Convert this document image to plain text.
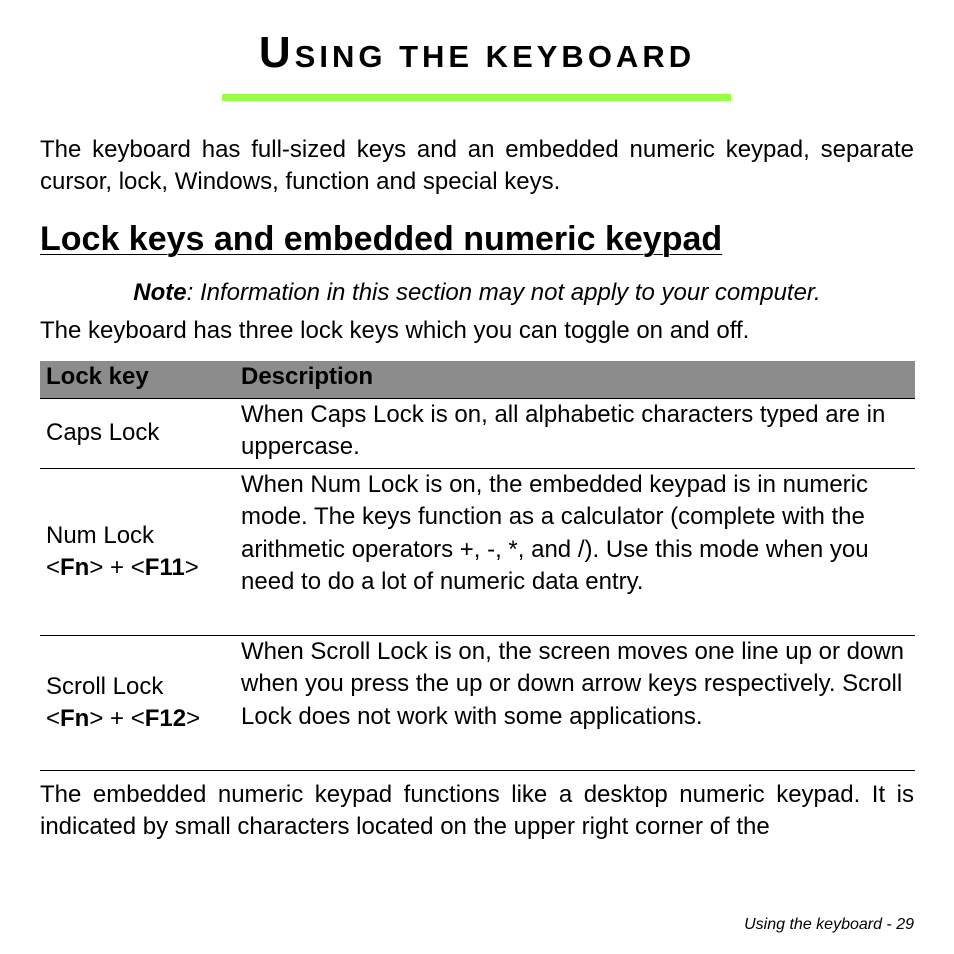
USING THE KEYBOARD

The keyboard has full-sized keys and an embedded numeric keypad, separate cursor, lock, Windows, function and special keys.

Lock keys and embedded numeric keypad

Note: Information in this section may not apply to your computer.

The keyboard has three lock keys which you can toggle on and off.

Lock key	Description
Caps Lock	When Caps Lock is on, all alphabetic characters typed are in uppercase.
Num Lock
<Fn> + <F11>	When Num Lock is on, the embedded keypad is in numeric mode. The keys function as a calculator (complete with the arithmetic operators +, -, *, and /). Use this mode when you need to do a lot of numeric data entry.
Scroll Lock
<Fn> + <F12>	When Scroll Lock is on, the screen moves one line up or down when you press the up or down arrow keys respectively. Scroll Lock does not work with some applications.

The embedded numeric keypad functions like a desktop numeric keypad. It is indicated by small characters located on the upper right corner of the

Using the keyboard - 29
